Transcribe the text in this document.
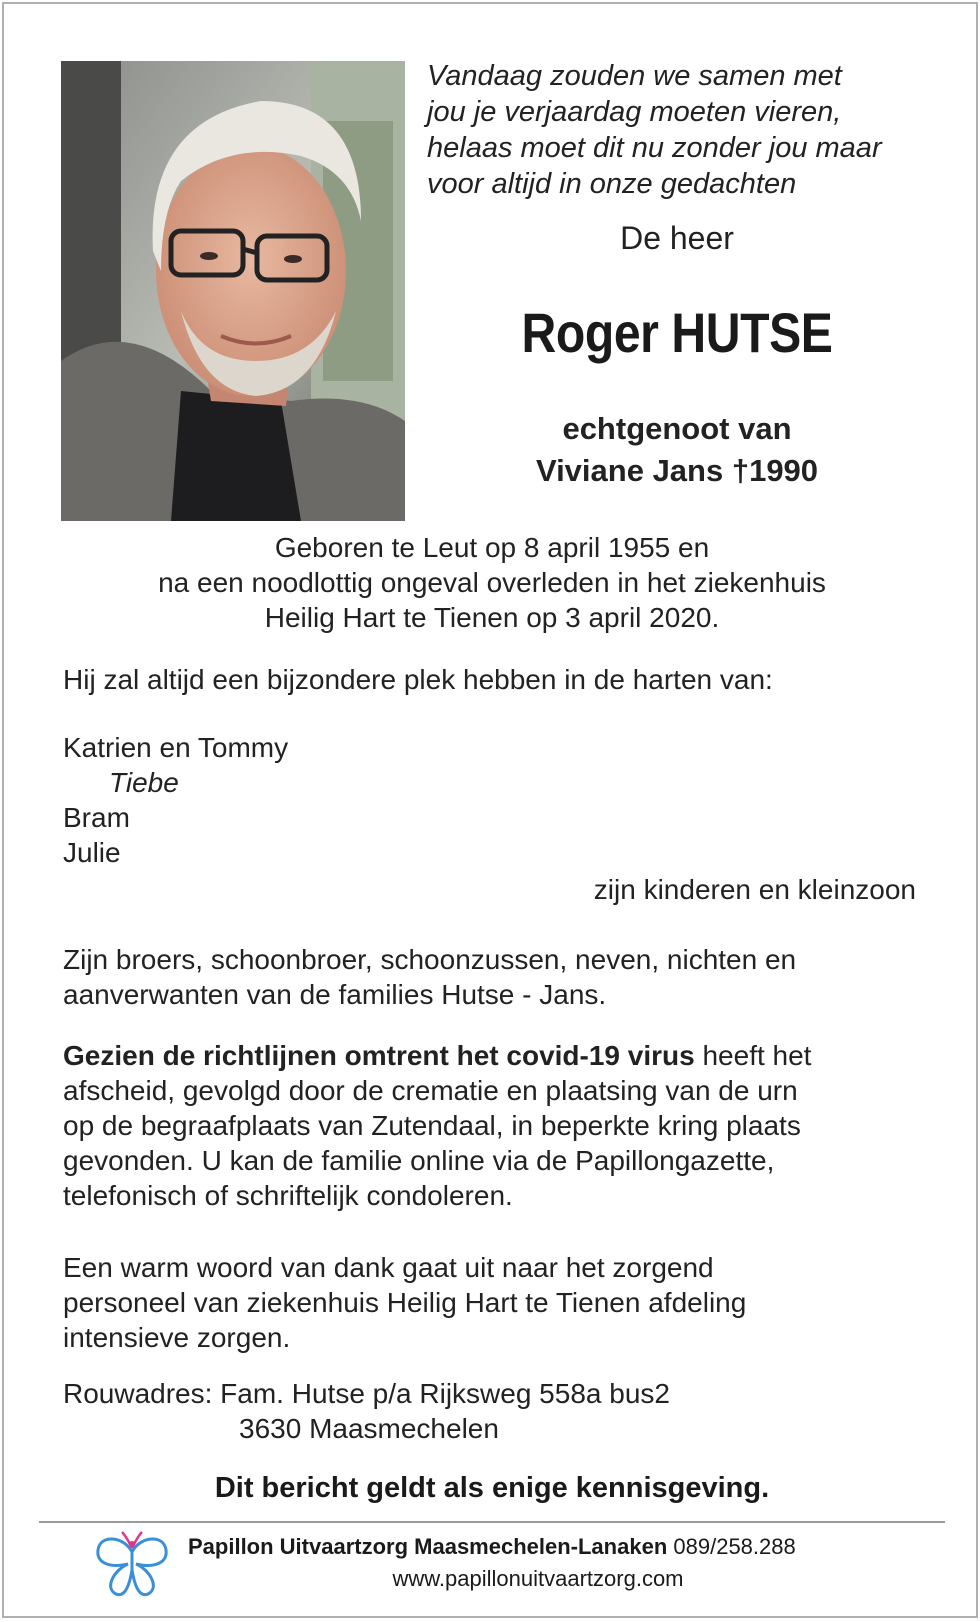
Vandaag zouden we samen met
jou je verjaardag moeten vieren,
helaas moet dit nu zonder jou maar
voor altijd in onze gedachten
De heer
Roger HUTSE
echtgenoot van
Viviane Jans †1990
Geboren te Leut op 8 april 1955 en
na een noodlottig ongeval overleden in het ziekenhuis
Heilig Hart te Tienen op 3 april 2020.
Hij zal altijd een bijzondere plek hebben in de harten van:
Katrien en Tommy
Tiebe
Bram
Julie
zijn kinderen en kleinzoon
Zijn broers, schoonbroer, schoonzussen, neven, nichten en
aanverwanten van de families Hutse - Jans.
Gezien de richtlijnen omtrent het covid-19 virus heeft het
afscheid, gevolgd door de crematie en plaatsing van de urn
op de begraafplaats van Zutendaal, in beperkte kring plaats
gevonden. U kan de familie online via de Papillongazette,
telefonisch of schriftelijk condoleren.
Een warm woord van dank gaat uit naar het zorgend
personeel van ziekenhuis Heilig Hart te Tienen afdeling
intensieve zorgen.
Rouwadres: Fam. Hutse p/a Rijksweg 558a bus2
3630 Maasmechelen
Dit bericht geldt als enige kennisgeving.
Papillon Uitvaartzorg Maasmechelen-Lanaken 089/258.288
www.papillonuitvaartzorg.com
